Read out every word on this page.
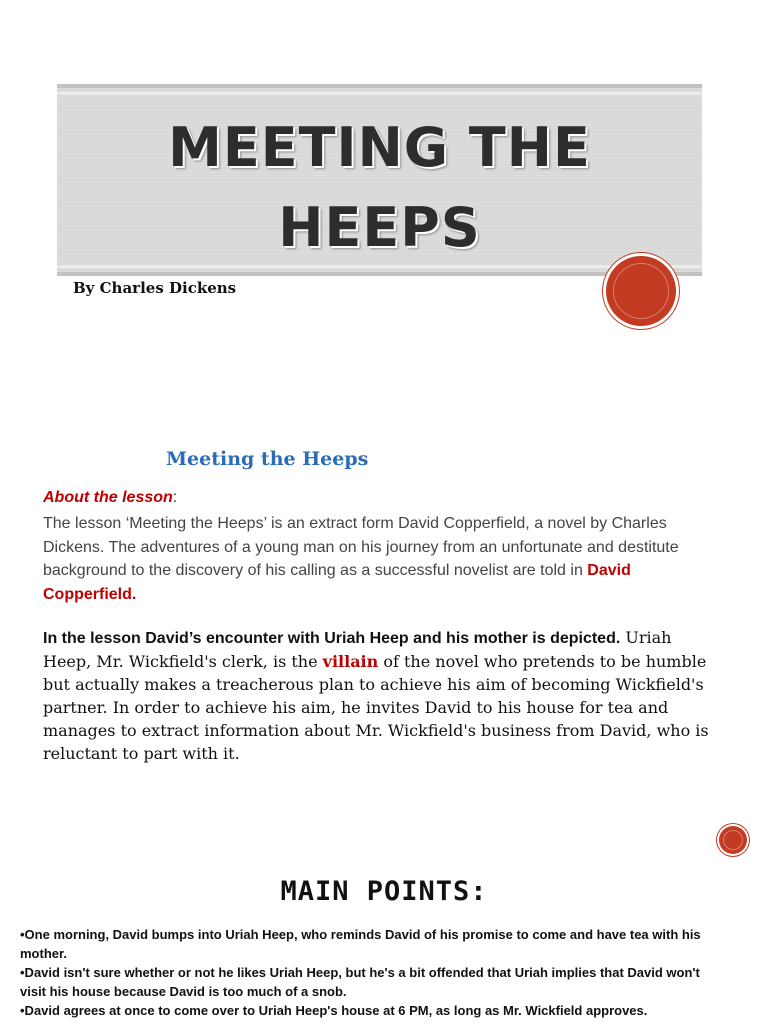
MEETING THE
HEEPS
By Charles Dickens
Meeting the Heeps
About the lesson:
The lesson ‘Meeting the Heeps’ is an extract form David Copperfield, a novel by Charles Dickens. The adventures of a young man on his journey from an unfortunate and destitute background to the discovery of his calling as a successful novelist are told in David Copperfield.
In the lesson David’s encounter with Uriah Heep and his mother is depicted. Uriah Heep, Mr. Wickfield's clerk, is the villain of the novel who pretends to be humble but actually makes a treacherous plan to achieve his aim of becoming Wickfield's partner. In order to achieve his aim, he invites David to his house for tea and manages to extract information about Mr. Wickfield's business from David, who is reluctant to part with it.
MAIN POINTS:
•One morning, David bumps into Uriah Heep, who reminds David of his promise to come and have tea with his mother.
•David isn't sure whether or not he likes Uriah Heep, but he's a bit offended that Uriah implies that David won't visit his house because David is too much of a snob.
•David agrees at once to come over to Uriah Heep's house at 6 PM, as long as Mr. Wickfield approves.
